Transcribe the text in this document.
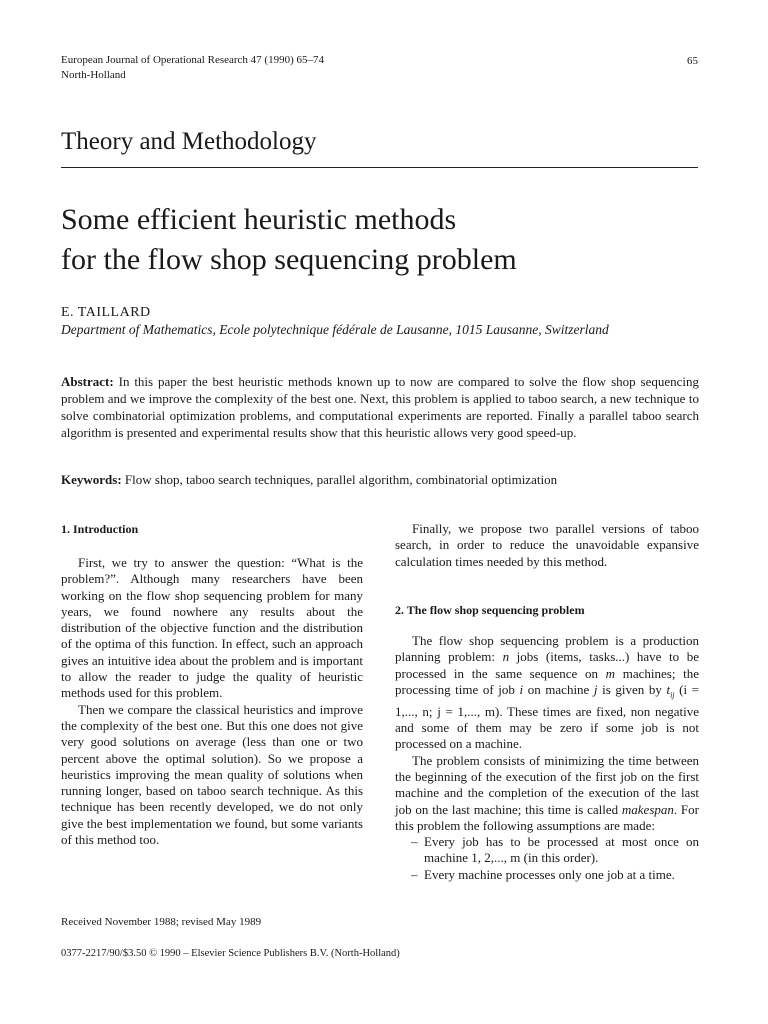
European Journal of Operational Research 47 (1990) 65–74
North-Holland
65
Theory and Methodology
Some efficient heuristic methods
for the flow shop sequencing problem
E. TAILLARD
Department of Mathematics, Ecole polytechnique fédérale de Lausanne, 1015 Lausanne, Switzerland
Abstract: In this paper the best heuristic methods known up to now are compared to solve the flow shop sequencing problem and we improve the complexity of the best one. Next, this problem is applied to taboo search, a new technique to solve combinatorial optimization problems, and computational experiments are reported. Finally a parallel taboo search algorithm is presented and experimental results show that this heuristic allows very good speed-up.
Keywords: Flow shop, taboo search techniques, parallel algorithm, combinatorial optimization
1. Introduction

First, we try to answer the question: “What is the problem?”. Although many researchers have been working on the flow shop sequencing problem for many years, we found nowhere any results about the distribution of the objective function and the distribution of the optima of this function. In effect, such an approach gives an intuitive idea about the problem and is important to allow the reader to judge the quality of heuristic methods used for this problem.

Then we compare the classical heuristics and improve the complexity of the best one. But this one does not give very good solutions on average (less than one or two percent above the optimal solution). So we propose a heuristics improving the mean quality of solutions when running longer, based on taboo search technique. As this technique has been recently developed, we do not only give the best implementation we found, but some variants of this method too.

Finally, we propose two parallel versions of taboo search, in order to reduce the unavoidable expansive calculation times needed by this method.

2. The flow shop sequencing problem

The flow shop sequencing problem is a production planning problem: n jobs (items, tasks...) have to be processed in the same sequence on m machines; the processing time of job i on machine j is given by $t_{ij}$ (i = 1,..., n; j = 1,..., m). These times are fixed, non negative and some of them may be zero if some job is not processed on a machine.

The problem consists of minimizing the time between the beginning of the execution of the first job on the first machine and the completion of the execution of the last job on the last machine; this time is called makespan. For this problem the following assumptions are made:

– Every job has to be processed at most once on machine 1, 2,..., m (in this order).
– Every machine processes only one job at a time.
Received November 1988; revised May 1989
0377-2217/90/$3.50 © 1990 – Elsevier Science Publishers B.V. (North-Holland)
